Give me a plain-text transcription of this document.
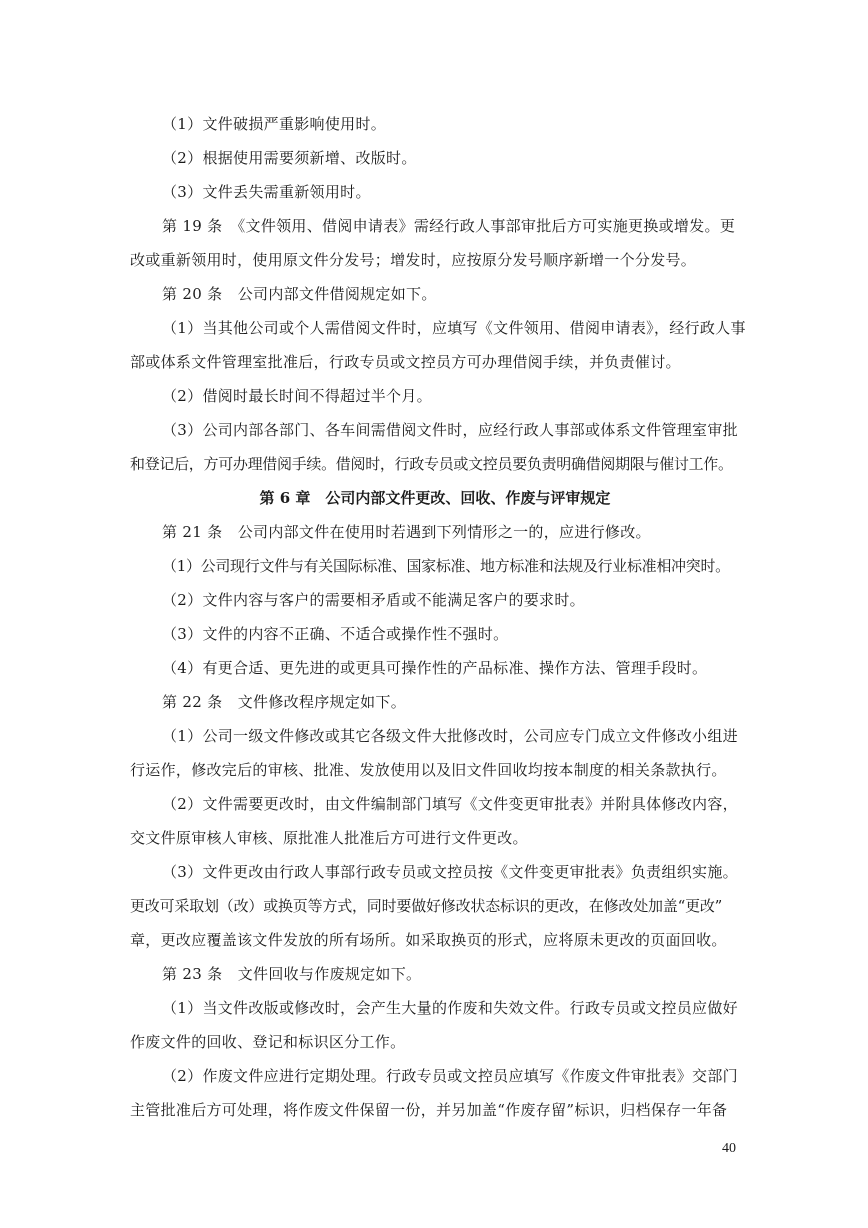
（1）文件破损严重影响使用时。
（2）根据使用需要须新增、改版时。
（3）文件丢失需重新领用时。
第 19 条　《文件领用、借阅申请表》需经行政人事部审批后方可实施更换或增发。更
改或重新领用时，使用原文件分发号；增发时，应按原分发号顺序新增一个分发号。
第 20 条　公司内部文件借阅规定如下。
（1）当其他公司或个人需借阅文件时，应填写《文件领用、借阅申请表》，经行政人事
部或体系文件管理室批准后，行政专员或文控员方可办理借阅手续，并负责催讨。
（2）借阅时最长时间不得超过半个月。
（3）公司内部各部门、各车间需借阅文件时，应经行政人事部或体系文件管理室审批
和登记后，方可办理借阅手续。借阅时，行政专员或文控员要负责明确借阅期限与催讨工作。
第 6 章　公司内部文件更改、回收、作废与评审规定
第 21 条　公司内部文件在使用时若遇到下列情形之一的，应进行修改。
（1）公司现行文件与有关国际标准、国家标准、地方标准和法规及行业标准相冲突时。
（2）文件内容与客户的需要相矛盾或不能满足客户的要求时。
（3）文件的内容不正确、不适合或操作性不强时。
（4）有更合适、更先进的或更具可操作性的产品标准、操作方法、管理手段时。
第 22 条　文件修改程序规定如下。
（1）公司一级文件修改或其它各级文件大批修改时，公司应专门成立文件修改小组进
行运作，修改完后的审核、批准、发放使用以及旧文件回收均按本制度的相关条款执行。
（2）文件需要更改时，由文件编制部门填写《文件变更审批表》并附具体修改内容，
交文件原审核人审核、原批准人批准后方可进行文件更改。
（3）文件更改由行政人事部行政专员或文控员按《文件变更审批表》负责组织实施。
更改可采取划（改）或换页等方式，同时要做好修改状态标识的更改，在修改处加盖“更改”
章，更改应覆盖该文件发放的所有场所。如采取换页的形式，应将原未更改的页面回收。
第 23 条　文件回收与作废规定如下。
（1）当文件改版或修改时，会产生大量的作废和失效文件。行政专员或文控员应做好
作废文件的回收、登记和标识区分工作。
（2）作废文件应进行定期处理。行政专员或文控员应填写《作废文件审批表》交部门
主管批准后方可处理，将作废文件保留一份，并另加盖“作废存留”标识，归档保存一年备
40
